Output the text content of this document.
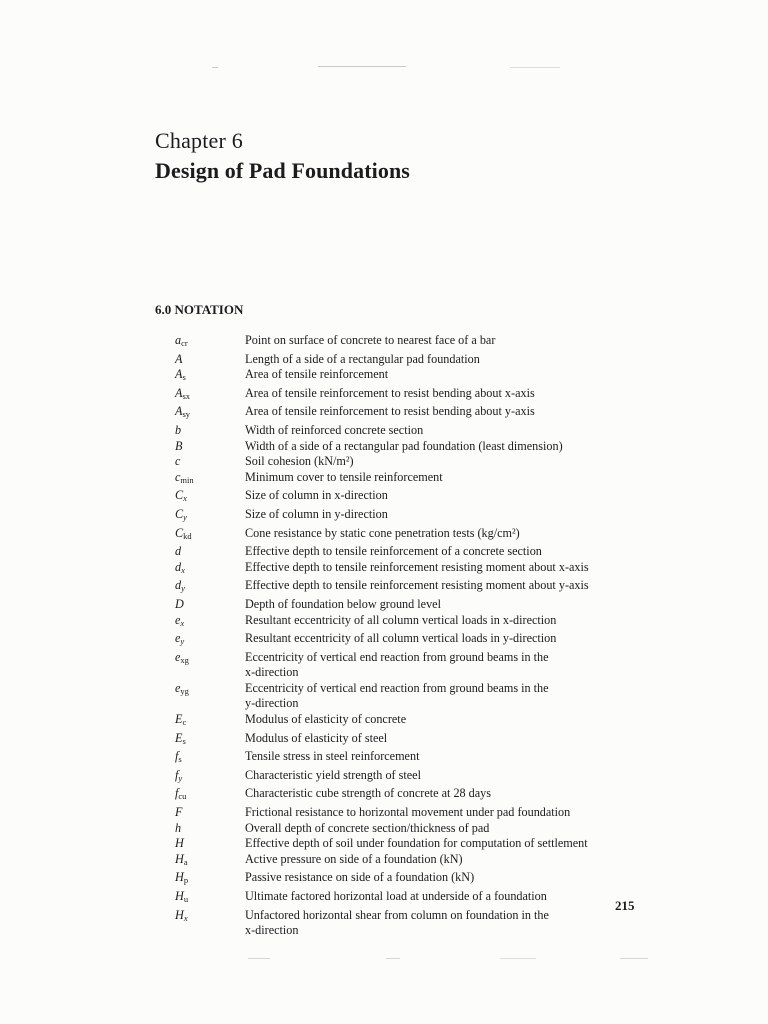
Chapter 6
Design of Pad Foundations
6.0 NOTATION
$a_{cr}$	Point on surface of concrete to nearest face of a bar
A	Length of a side of a rectangular pad foundation
$A_s$	Area of tensile reinforcement
$A_{sx}$	Area of tensile reinforcement to resist bending about x-axis
$A_{sy}$	Area of tensile reinforcement to resist bending about y-axis
b	Width of reinforced concrete section
B	Width of a side of a rectangular pad foundation (least dimension)
c	Soil cohesion (kN/m²)
$c_{min}$	Minimum cover to tensile reinforcement
$C_x$	Size of column in x-direction
$C_y$	Size of column in y-direction
$C_{kd}$	Cone resistance by static cone penetration tests (kg/cm²)
d	Effective depth to tensile reinforcement of a concrete section
$d_x$	Effective depth to tensile reinforcement resisting moment about x-axis
$d_y$	Effective depth to tensile reinforcement resisting moment about y-axis
D	Depth of foundation below ground level
$e_x$	Resultant eccentricity of all column vertical loads in x-direction
$e_y$	Resultant eccentricity of all column vertical loads in y-direction
$e_{xg}$	Eccentricity of vertical end reaction from ground beams in the
x-direction
$e_{yg}$	Eccentricity of vertical end reaction from ground beams in the
y-direction
$E_c$	Modulus of elasticity of concrete
$E_s$	Modulus of elasticity of steel
$f_s$	Tensile stress in steel reinforcement
$f_y$	Characteristic yield strength of steel
$f_{cu}$	Characteristic cube strength of concrete at 28 days
F	Frictional resistance to horizontal movement under pad foundation
h	Overall depth of concrete section/thickness of pad
H	Effective depth of soil under foundation for computation of settlement
$H_a$	Active pressure on side of a foundation (kN)
$H_p$	Passive resistance on side of a foundation (kN)
$H_u$	Ultimate factored horizontal load at underside of a foundation
$H_x$	Unfactored horizontal shear from column on foundation in the
x-direction
215
